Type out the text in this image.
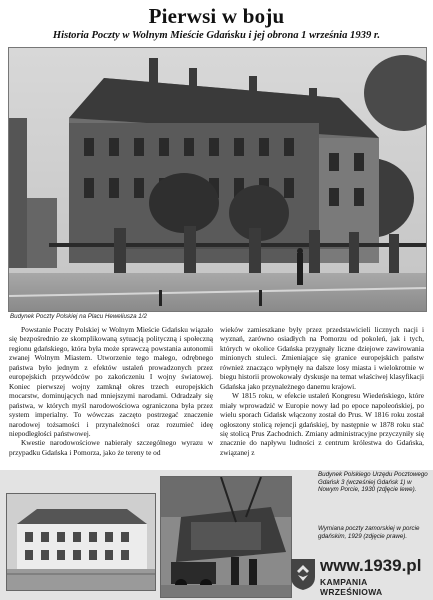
Pierwsi w boju
Historia Poczty w Wolnym Mieście Gdańsku i jej obrona 1 września 1939 r.
Budynek Poczty Polskiej na Placu Heweliusza 1/2

Powstanie Poczty Polskiej w Wolnym Mieście Gdańsku wiązało się bezpośrednio ze skomplikowaną sytuacją polityczną i społeczną regionu gdańskiego, która była może sprawczą powstania autonomii zwanej Wolnym Miastem. Utworzenie tego małego, odrębnego państwa było jednym z efektów ustaleń prowadzonych przez europejskich przywódców po zakończeniu I wojny światowej. Koniec pierwszej wojny zamknął okres trzech europejskich mocarstw, dominujących nad mniejszymi narodami. Odradzały się państwa, w których myśl narodowościowa ograniczona była przez system imperialny. To wówczas zaczęto postrzegać znaczenie narodowej tożsamości i przynależności oraz rozumieć ideę niepodległości państwowej.

Kwestie narodowościowe nabierały szczególnego wyrazu w przypadku Gdańska i Pomorza, jako że tereny te od

wieków zamieszkane były przez przedstawicieli licznych nacji i wyznań, zarówno osiadłych na Pomorzu od pokoleń, jak i tych, których w okolice Gdańska przygnały liczne dziejowe zawirowania minionych stuleci. Zmieniające się granice europejskich państw również znacząco wpłynęły na dalsze losy miasta i wielokrotnie w biegu historii prowokowały dyskusje na temat właściwej klasyfikacji Gdańska jako przynależnego danemu krajowi.

W 1815 roku, w efekcie ustaleń Kongresu Wiedeńskiego, które miały wprowadzić w Europie nowy ład po epoce napoleońskiej, po wielu sporach Gdańsk włączony został do Prus. W 1816 roku został ogłoszony stolicą rejencji gdańskiej, by następnie w 1878 roku stać się stolicą Prus Zachodnich. Zmiany administracyjne przyczyniły się znacznie do napływu ludności z centrum królestwa do Gdańska, związanej z

Budynek Polskiego Urzędu Pocztowego Gdańsk 3 (wcześniej Gdańsk 1) w Nowym Porcie, 1930 (zdjęcie lewe).
Wymiana poczty zamorskiej w porcie gdańskim, 1929 (zdjęcie prawe).
www.1939.pl
KAMPANIA WRZEŚNIOWA
